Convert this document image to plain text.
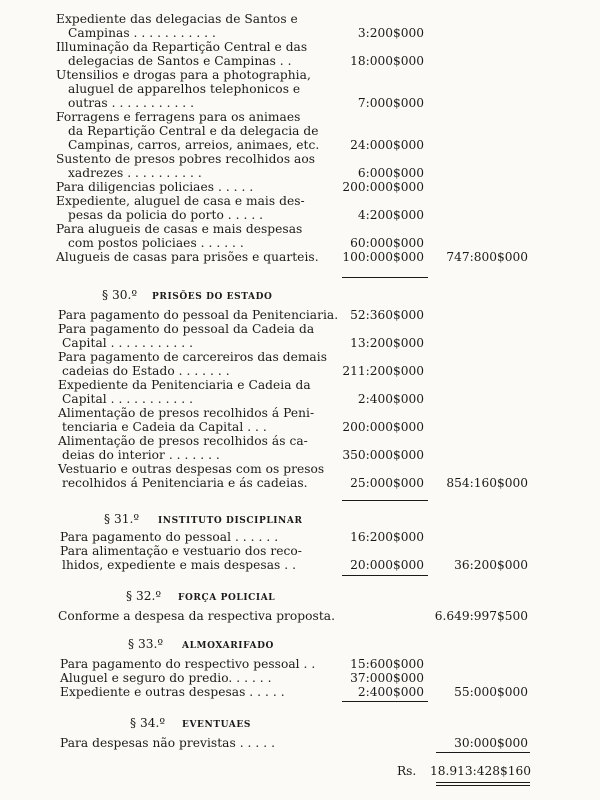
Expediente das delegacias de Santos e
Campinas . . . . . . . . . . .	3:200$000
Illuminação da Repartição Central e das
delegacias de Santos e Campinas . .	18:000$000
Utensilios e drogas para a photographia,
aluguel de apparelhos telephonicos e
outras . . . . . . . . . . .	7:000$000
Forragens e ferragens para os animaes
da Repartição Central e da delegacia de
Campinas, carros, arreios, animaes, etc.	24:000$000
Sustento de presos pobres recolhidos aos
xadrezes . . . . . . . . . .	6:000$000
Para diligencias policiaes . . . . .	200:000$000
Expediente, aluguel de casa e mais des-
pesas da policia do porto . . . . .	4:200$000
Para alugueis de casas e mais despesas
com postos policiaes . . . . . .	60:000$000
Alugueis de casas para prisões e quarteis.	100:000$000	747:800$000
§ 30.º PRISÕES DO ESTADO
Para pagamento do pessoal da Penitenciaria. 52:360$000
Para pagamento do pessoal da Cadeia da
Capital . . . . . . . . . . .	13:200$000
Para pagamento de carcereiros das demais
cadeias do Estado . . . . . . .	211:200$000
Expediente da Penitenciaria e Cadeia da
Capital . . . . . . . . . . .	2:400$000
Alimentação de presos recolhidos á Peni-
tenciaria e Cadeia da Capital . . .	200:000$000
Alimentação de presos recolhidos ás ca-
deias do interior . . . . . . .	350:000$000
Vestuario e outras despesas com os presos
recolhidos á Penitenciaria e ás cadeias.	25:000$000	854:160$000
§ 31.º INSTITUTO DISCIPLINAR
Para pagamento do pessoal . . . . . .	16:200$000
Para alimentação e vestuario dos reco-
lhidos, expediente e mais despesas . .	20:000$000	36:200$000
§ 32.º FORÇA POLICIAL
Conforme a despesa da respectiva proposta.	6.649:997$500
§ 33.º ALMOXARIFADO
Para pagamento do respectivo pessoal . .	15:600$000
Aluguel e seguro do predio. . . . . .	37:000$000
Expediente e outras despesas . . . . .	2:400$000	55:000$000
§ 34.º EVENTUAES
Para despesas não previstas . . . . .	30:000$000
Rs. 18.913:428$160
